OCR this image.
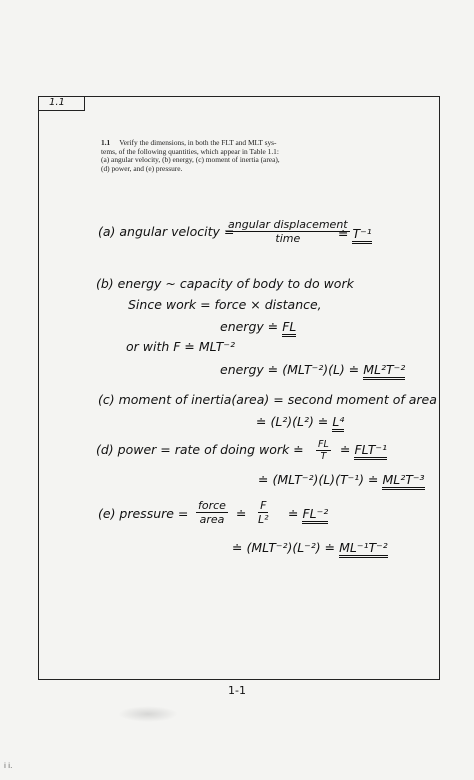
1.1
1.1 Verify the dimensions, in both the FLT and MLT sys-
tems, of the following quantities, which appear in Table 1.1:
(a) angular velocity, (b) energy, (c) moment of inertia (area),
(d) power, and (e) pressure.
(a) angular velocity =
angular displacement
time	≐ T⁻¹
(b) energy ~ capacity of body to do work
Since work = force × distance,
energy ≐ FL
or with F ≐ MLT⁻²
energy ≐ (MLT⁻²)(L) ≐ ML²T⁻²
(c) moment of inertia(area) = second moment of area
≐ (L²)(L²) ≐ L⁴
(d) power = rate of doing work ≐ $\frac{FL}{T}$ ≐ FLT⁻¹
≐ (MLT⁻²)(L)(T⁻¹) ≐ ML²T⁻³
(e) pressure =
force
area ≐ $\frac{F}{\text{L²}}$ ≐ FL⁻²
≐ (MLT⁻²)(L⁻²) ≐ ML⁻¹T⁻²
1-1
i i.
